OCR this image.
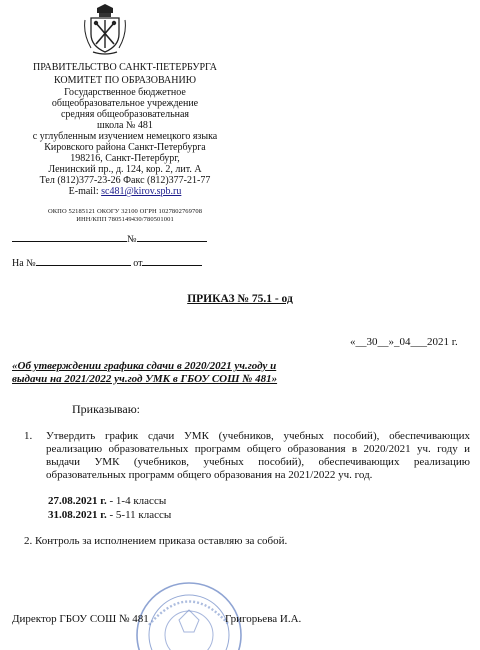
ПРАВИТЕЛЬСТВО САНКТ-ПЕТЕРБУРГА
КОМИТЕТ ПО ОБРАЗОВАНИЮ
Государственное бюджетное
общеобразовательное учреждение
средняя общеобразовательная
школа № 481
с углубленным изучением немецкого языка
Кировского района Санкт-Петербурга
198216, Санкт-Петербург,
Ленинский пр., д. 124, кор. 2, лит. А
Тел (812)377-23-26 Факс (812)377-21-77
E-mail: sc481@kirov.spb.ru
ОКПО 52185121 ОКОГУ 32100 ОГРН 1027802769708
ИНН/КПП 7805149430/780501001
№
На №	от
ПРИКАЗ № 75.1 - од
«__30__»_04___2021 г.
«Об утверждении графика сдачи в 2020/2021 уч.году и
выдачи на 2021/2022 уч.год УМК в ГБОУ СОШ № 481»
Приказываю:
1. Утвердить график сдачи УМК (учебников, учебных пособий), обеспечивающих реализацию образовательных программ общего образования в 2020/2021 уч. году и выдачи УМК (учебников, учебных пособий), обеспечивающих реализацию образовательных программ общего образования на 2021/2022 уч. год.
27.08.2021 г. - 1-4 классы
31.08.2021 г. - 5-11 классы
2. Контроль за исполнением приказа оставляю за собой.
Директор ГБОУ СОШ № 481	Григорьева И.А.
